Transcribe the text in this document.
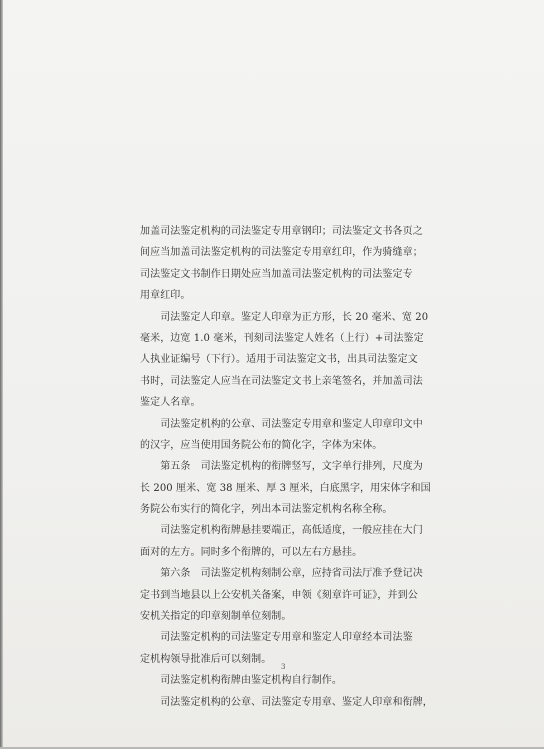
加盖司法鉴定机构的司法鉴定专用章钢印；司法鉴定文书各页之
间应当加盖司法鉴定机构的司法鉴定专用章红印，作为骑缝章；
司法鉴定文书制作日期处应当加盖司法鉴定机构的司法鉴定专
用章红印。
　　司法鉴定人印章。鉴定人印章为正方形，长 20 毫米、宽 20
毫米，边宽 1.0 毫米，刊刻司法鉴定人姓名（上行）+司法鉴定
人执业证编号（下行）。适用于司法鉴定文书，出具司法鉴定文
书时，司法鉴定人应当在司法鉴定文书上亲笔签名，并加盖司法
鉴定人名章。
　　司法鉴定机构的公章、司法鉴定专用章和鉴定人印章印文中
的汉字，应当使用国务院公布的简化字，字体为宋体。
　　第五条　司法鉴定机构的衔牌竖写，文字单行排列，尺度为
长 200 厘米、宽 38 厘米、厚 3 厘米，白底黑字，用宋体字和国
务院公布实行的简化字，列出本司法鉴定机构名称全称。
　　司法鉴定机构衔牌悬挂要端正，高低适度，一般应挂在大门
面对的左方。同时多个衔牌的，可以左右方悬挂。
　　第六条　司法鉴定机构刻制公章，应持省司法厅准予登记决
定书到当地县以上公安机关备案，申领《刻章许可证》，并到公
安机关指定的印章刻制单位刻制。
　　司法鉴定机构的司法鉴定专用章和鉴定人印章经本司法鉴
定机构领导批准后可以刻制。
　　司法鉴定机构衔牌由鉴定机构自行制作。
　　司法鉴定机构的公章、司法鉴定专用章、鉴定人印章和衔牌，
3
